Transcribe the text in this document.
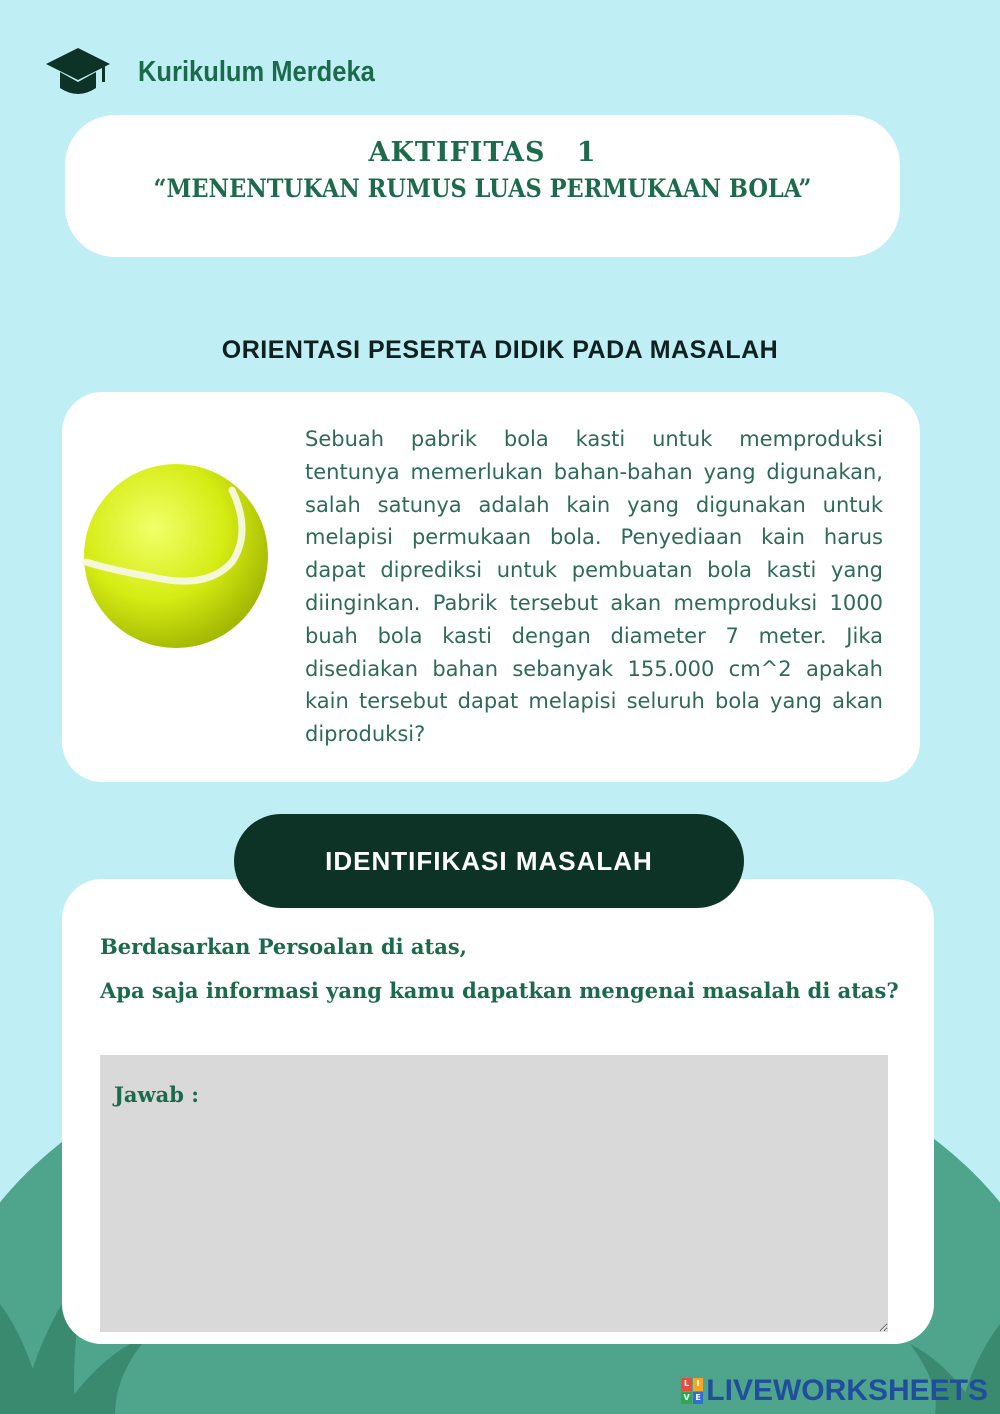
Kurikulum Merdeka
AKTIFITAS   1
“MENENTUKAN RUMUS LUAS PERMUKAAN BOLA”
ORIENTASI PESERTA DIDIK PADA MASALAH
Sebuah pabrik bola kasti untuk memproduksi tentunya memerlukan bahan-bahan yang digunakan, salah satunya adalah kain yang digunakan untuk melapisi permukaan bola. Penyediaan kain harus dapat diprediksi untuk pembuatan bola kasti yang diinginkan. Pabrik tersebut akan memproduksi 1000 buah bola kasti dengan diameter 7 meter. Jika disediakan bahan sebanyak 155.000 cm^2 apakah kain tersebut dapat melapisi seluruh bola yang akan diproduksi?
IDENTIFIKASI MASALAH
Berdasarkan Persoalan di atas,
Apa saja informasi yang kamu dapatkan mengenai masalah di atas?
Jawab :
L I
V E LIVEWORKSHEETS
